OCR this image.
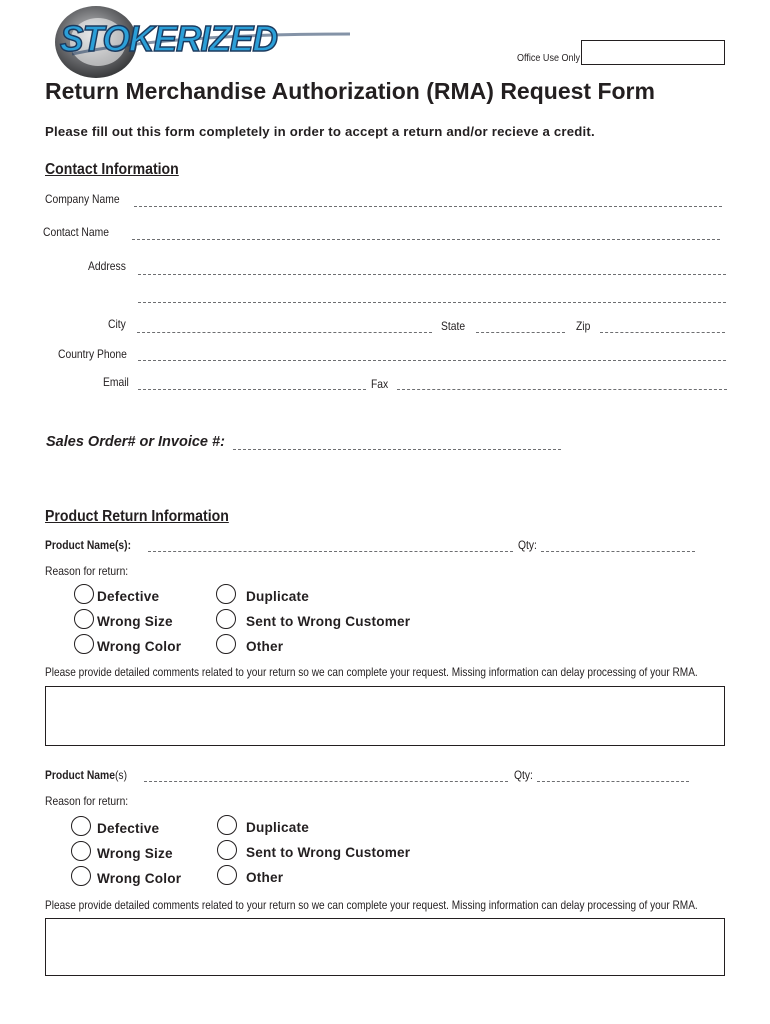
STOKERIZED	Office Use Only
Return Merchandise Authorization (RMA) Request Form
Please fill out this form completely in order to accept a return and/or recieve a credit.
Contact Information
Company Name
Contact Name
Address
City	State	Zip
Country Phone
Email	Fax
Sales Order# or Invoice #:
Product Return Information
Product Name(s):	Qty:
Reason for return:
Defective
Wrong Size
Wrong Color
Duplicate
Sent to Wrong Customer
Other
Please provide detailed comments related to your return so we can complete your request. Missing information can delay processing of your RMA.
Product Name(s)	Qty:
Reason for return:
Defective
Wrong Size
Wrong Color
Duplicate
Sent to Wrong Customer
Other
Please provide detailed comments related to your return so we can complete your request. Missing information can delay processing of your RMA.
